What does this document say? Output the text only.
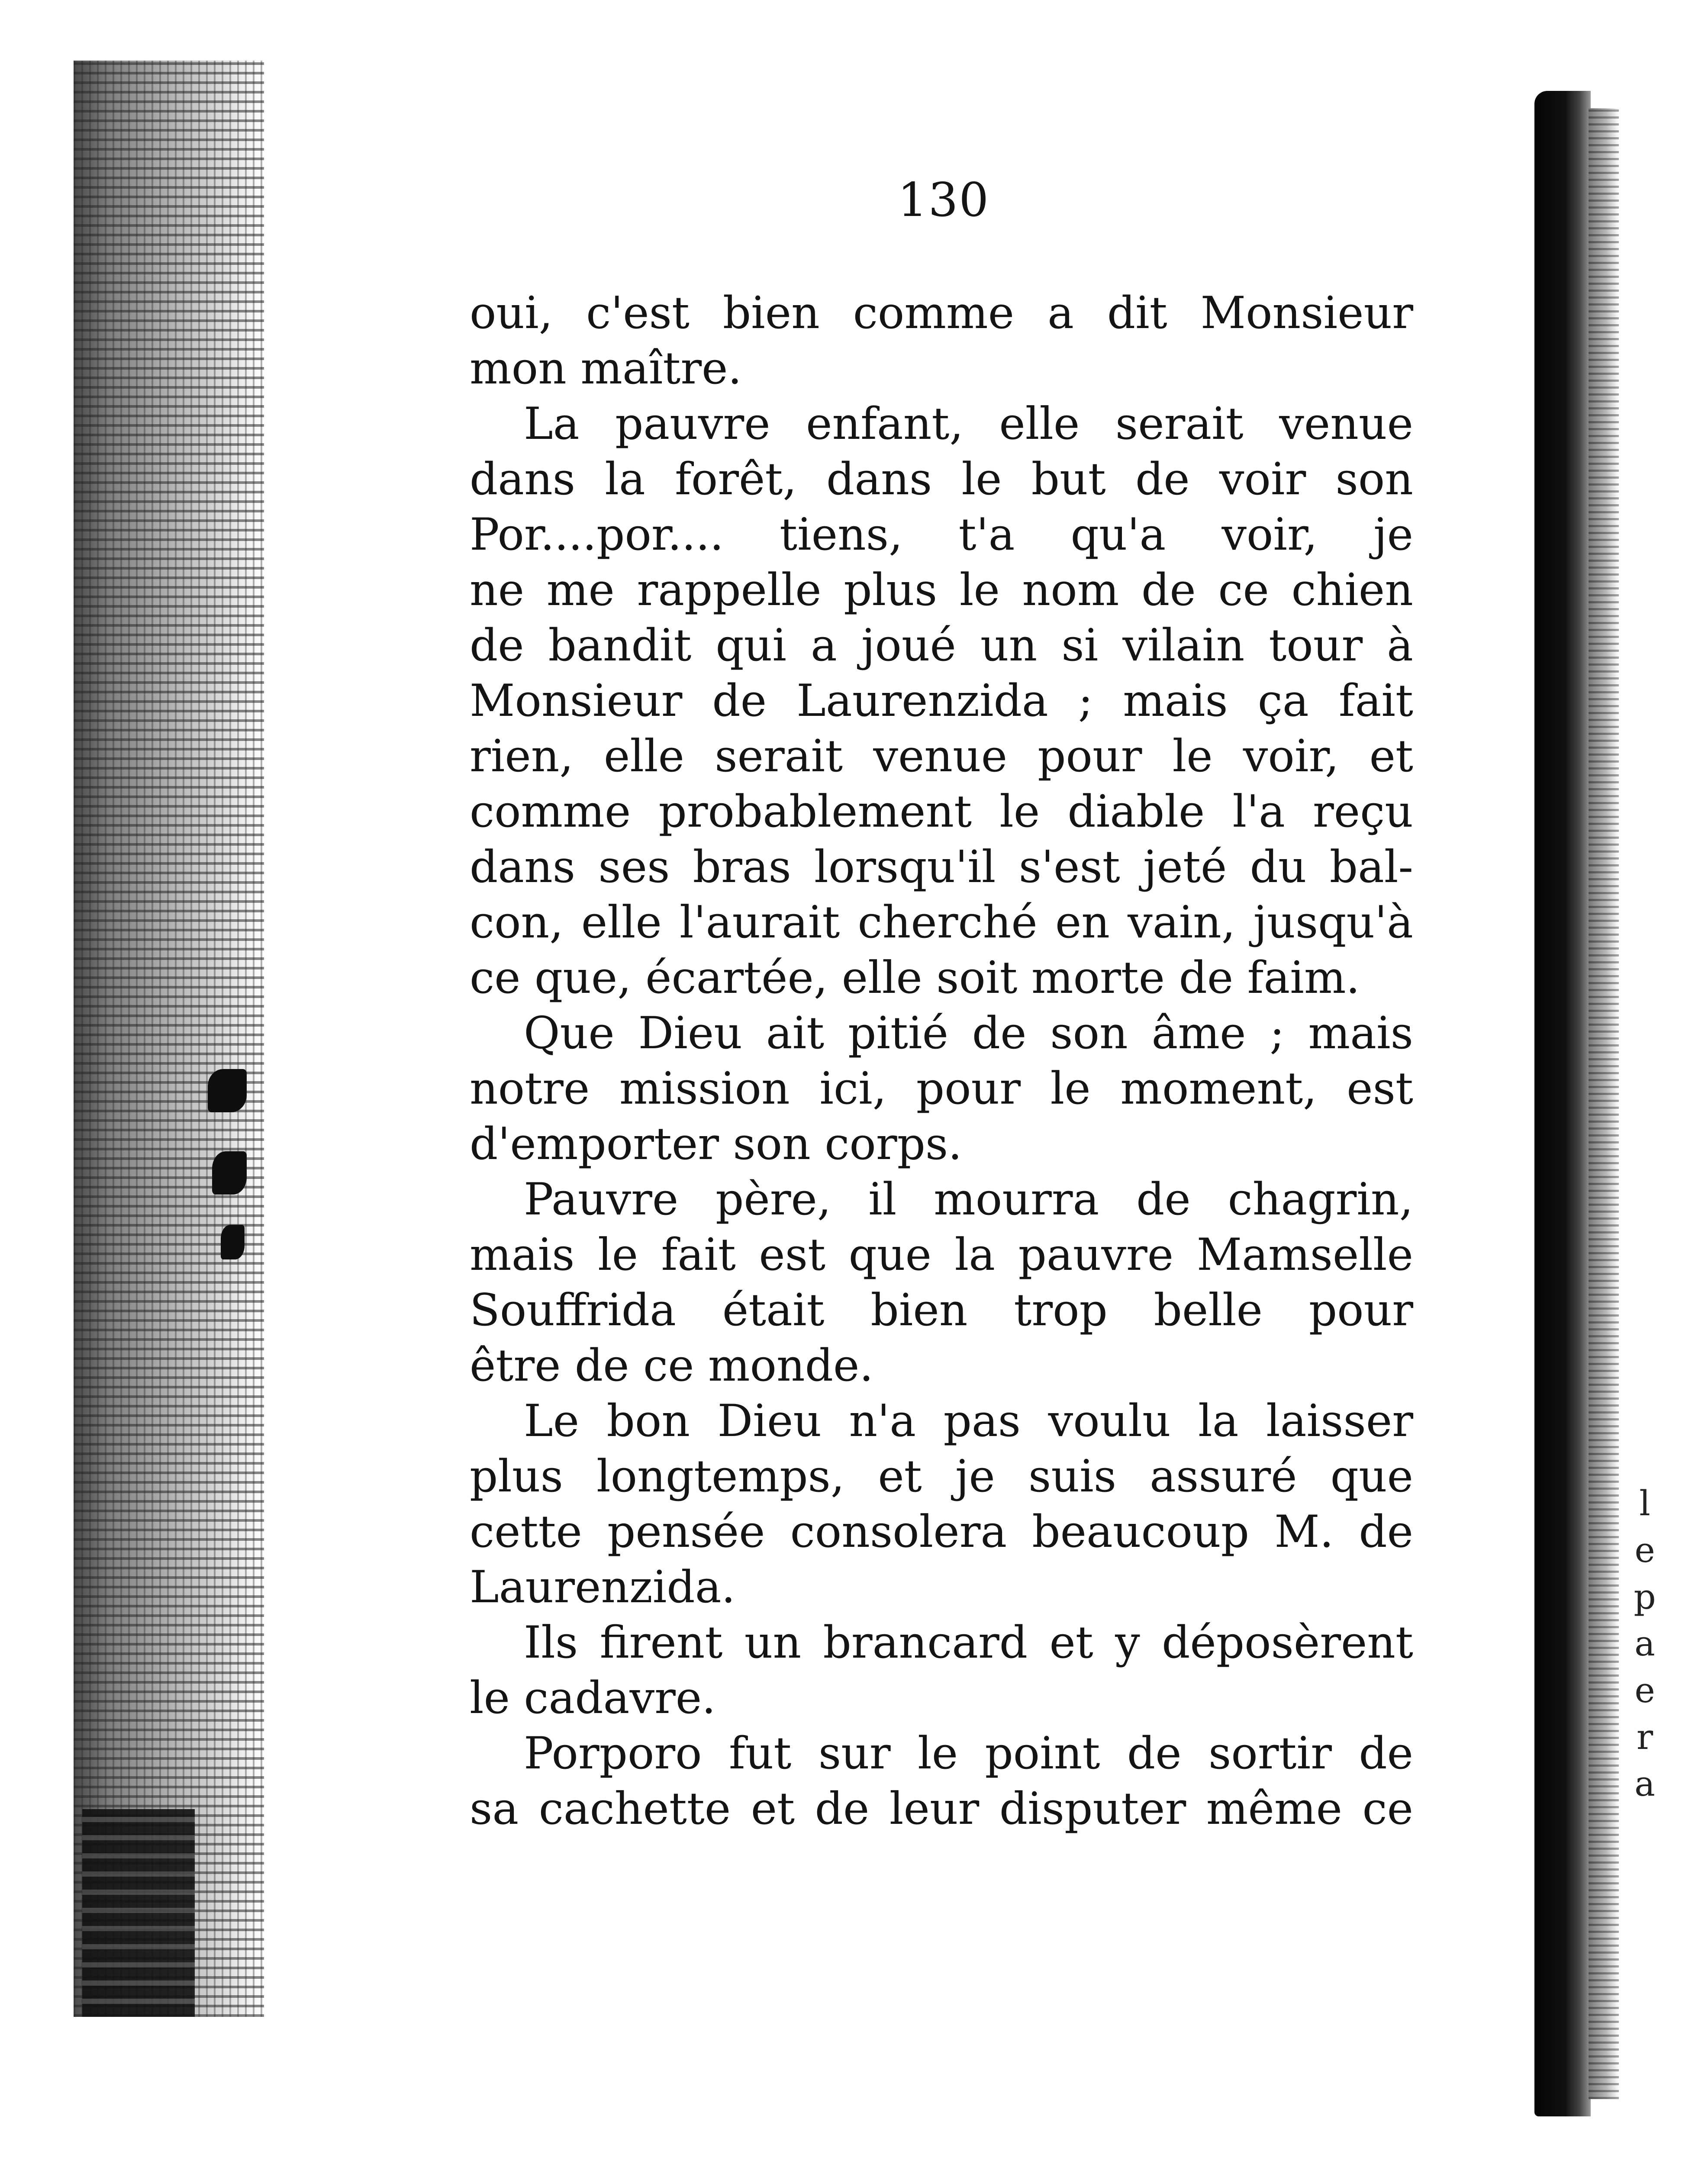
l
e
p
a
e
r
a
130
oui, c'est bien comme a dit Monsieur
mon maître.
La pauvre enfant, elle serait venue
dans la forêt, dans le but de voir son
Por....por.... tiens, t'a qu'a voir, je
ne me rappelle plus le nom de ce chien
de bandit qui a joué un si vilain tour à
Monsieur de Laurenzida ; mais ça fait
rien, elle serait venue pour le voir, et
comme probablement le diable l'a reçu
dans ses bras lorsqu'il s'est jeté du bal-
con, elle l'aurait cherché en vain, jusqu'à
ce que, écartée, elle soit morte de faim.
Que Dieu ait pitié de son âme ; mais
notre mission ici, pour le moment, est
d'emporter son corps.
Pauvre père, il mourra de chagrin,
mais le fait est que la pauvre Mamselle
Souffrida était bien trop belle pour
être de ce monde.
Le bon Dieu n'a pas voulu la laisser
plus longtemps, et je suis assuré que
cette pensée consolera beaucoup M. de
Laurenzida.
Ils firent un brancard et y déposèrent
le cadavre.
Porporo fut sur le point de sortir de
sa cachette et de leur disputer même ce
